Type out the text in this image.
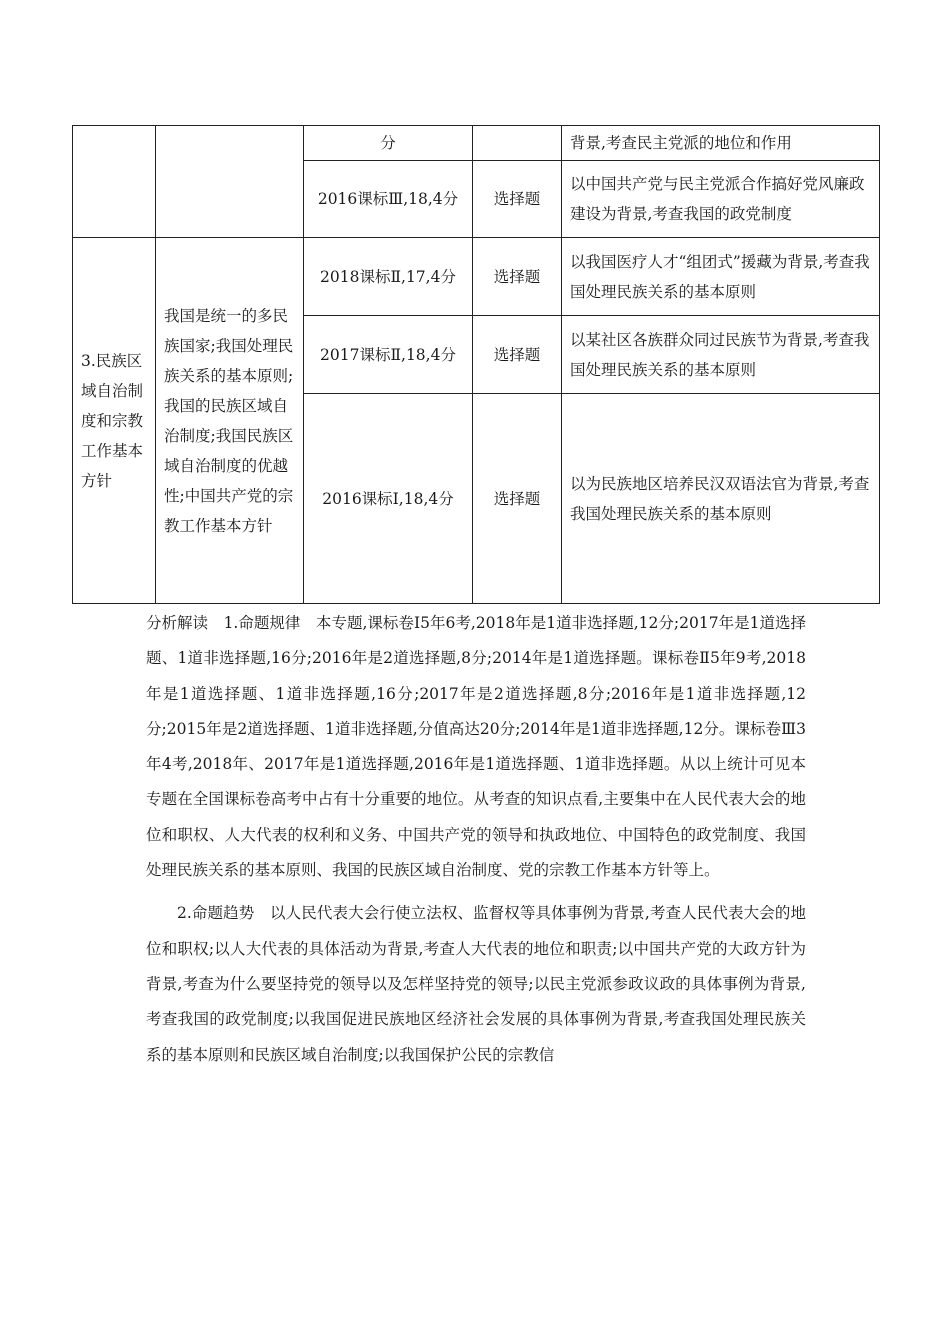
		分		背景,考查民主党派的地位和作用
		2016课标Ⅲ,18,4分	选择题	以中国共产党与民主党派合作搞好党风廉政建设为背景,考查我国的政党制度
3.民族区域自治制度和宗教工作基本方针	我国是统一的多民族国家;我国处理民族关系的基本原则;我国的民族区域自治制度;我国民族区域自治制度的优越性;中国共产党的宗教工作基本方针	2018课标Ⅱ,17,4分	选择题	以我国医疗人才“组团式”援藏为背景,考查我国处理民族关系的基本原则
		2017课标Ⅱ,18,4分	选择题	以某社区各族群众同过民族节为背景,考查我国处理民族关系的基本原则
		2016课标Ⅰ,18,4分	选择题	以为民族地区培养民汉双语法官为背景,考查我国处理民族关系的基本原则

分析解读　1.命题规律　本专题,课标卷Ⅰ5年6考,2018年是1道非选择题,12分;2017年是1道选择题、1道非选择题,16分;2016年是2道选择题,8分;2014年是1道选择题。课标卷Ⅱ5年9考,2018年是1道选择题、1道非选择题,16分;2017年是2道选择题,8分;2016年是1道非选择题,12分;2015年是2道选择题、1道非选择题,分值高达20分;2014年是1道非选择题,12分。课标卷Ⅲ3年4考,2018年、2017年是1道选择题,2016年是1道选择题、1道非选择题。从以上统计可见本专题在全国课标卷高考中占有十分重要的地位。从考查的知识点看,主要集中在人民代表大会的地位和职权、人大代表的权利和义务、中国共产党的领导和执政地位、中国特色的政党制度、我国处理民族关系的基本原则、我国的民族区域自治制度、党的宗教工作基本方针等上。

2.命题趋势　以人民代表大会行使立法权、监督权等具体事例为背景,考查人民代表大会的地位和职权;以人大代表的具体活动为背景,考查人大代表的地位和职责;以中国共产党的大政方针为背景,考查为什么要坚持党的领导以及怎样坚持党的领导;以民主党派参政议政的具体事例为背景,考查我国的政党制度;以我国促进民族地区经济社会发展的具体事例为背景,考查我国处理民族关系的基本原则和民族区域自治制度;以我国保护公民的宗教信
